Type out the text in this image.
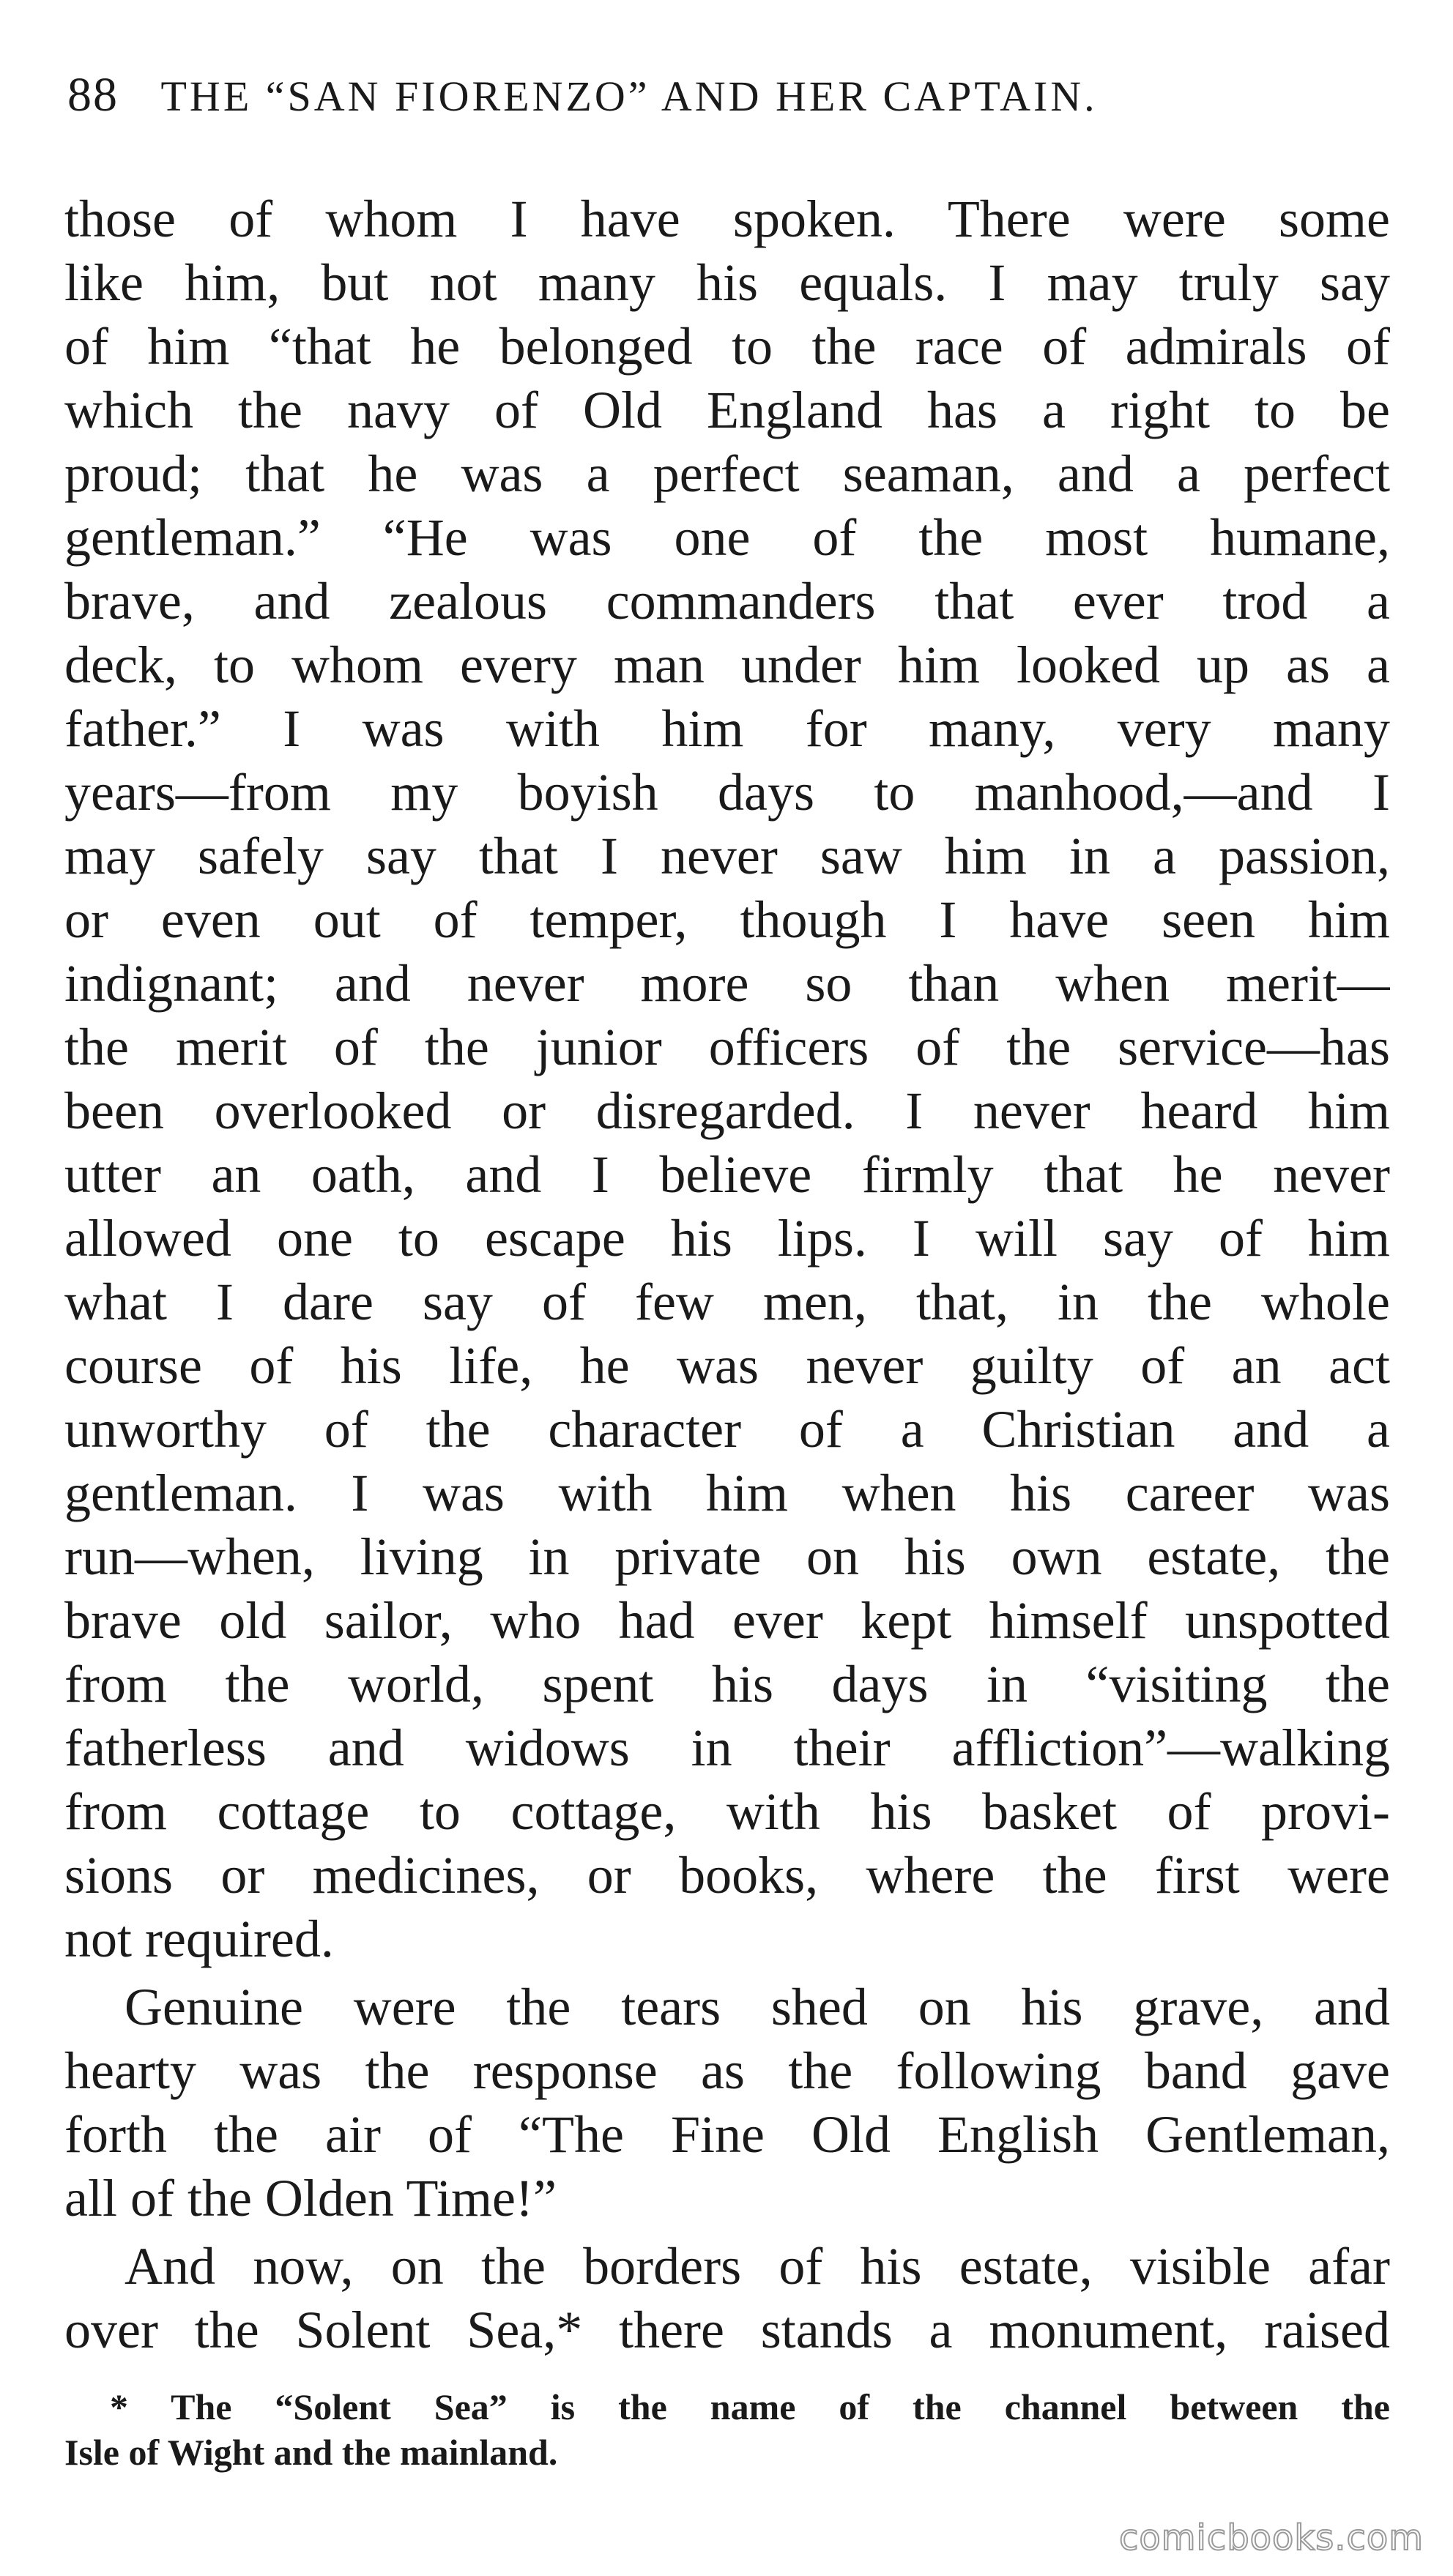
88 THE “SAN FIORENZO” AND HER CAPTAIN.
those of whom I have spoken. There were some
like him, but not many his equals. I may truly say
of him “that he belonged to the race of admirals of
which the navy of Old England has a right to be
proud; that he was a perfect seaman, and a perfect
gentleman.” “He was one of the most humane,
brave, and zealous commanders that ever trod a
deck, to whom every man under him looked up as a
father.” I was with him for many, very many
years—from my boyish days to manhood,—and I
may safely say that I never saw him in a passion,
or even out of temper, though I have seen him
indignant; and never more so than when merit—
the merit of the junior officers of the service—has
been overlooked or disregarded. I never heard him
utter an oath, and I believe firmly that he never
allowed one to escape his lips. I will say of him
what I dare say of few men, that, in the whole
course of his life, he was never guilty of an act
unworthy of the character of a Christian and a
gentleman. I was with him when his career was
run—when, living in private on his own estate, the
brave old sailor, who had ever kept himself unspotted
from the world, spent his days in “visiting the
fatherless and widows in their affliction”—walking
from cottage to cottage, with his basket of provi-
sions or medicines, or books, where the first were
not required.
Genuine were the tears shed on his grave, and
hearty was the response as the following band gave
forth the air of “The Fine Old English Gentleman,
all of the Olden Time!”
And now, on the borders of his estate, visible afar
over the Solent Sea,* there stands a monument, raised
* The “Solent Sea” is the name of the channel between the
Isle of Wight and the mainland.
comicbooks.com
